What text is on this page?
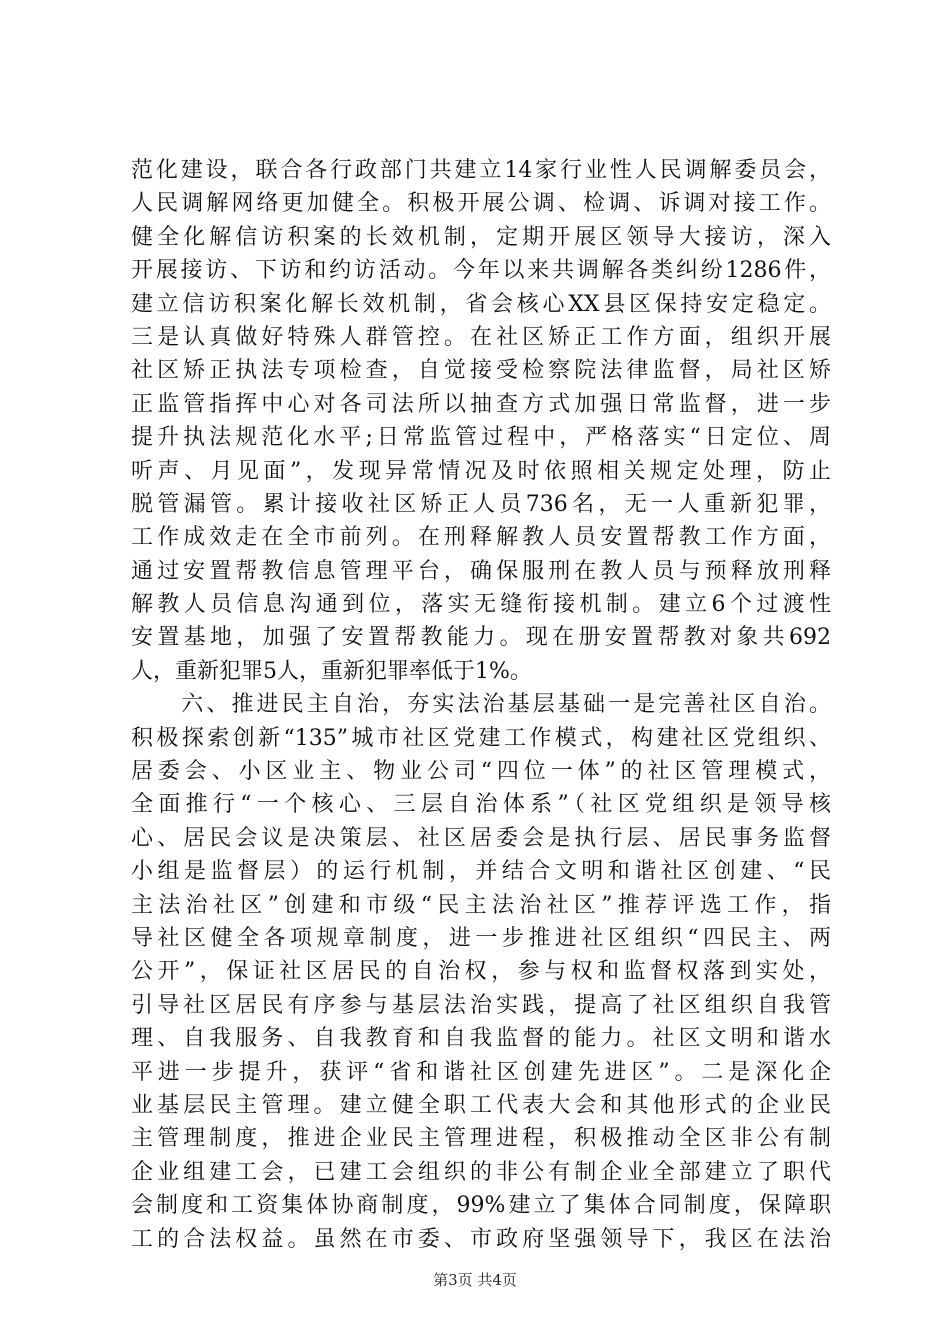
范化建设，联合各行政部门共建立14家行业性人民调解委员会，
人民调解网络更加健全。积极开展公调、检调、诉调对接工作。
健全化解信访积案的长效机制，定期开展区领导大接访，深入
开展接访、下访和约访活动。今年以来共调解各类纠纷1286件，
建立信访积案化解长效机制，省会核心XX县区保持安定稳定。
三是认真做好特殊人群管控。在社区矫正工作方面，组织开展
社区矫正执法专项检查，自觉接受检察院法律监督，局社区矫
正监管指挥中心对各司法所以抽查方式加强日常监督，进一步
提升执法规范化水平;日常监管过程中，严格落实“日定位、周
听声、月见面”，发现异常情况及时依照相关规定处理，防止
脱管漏管。累计接收社区矫正人员736名，无一人重新犯罪，
工作成效走在全市前列。在刑释解教人员安置帮教工作方面，
通过安置帮教信息管理平台，确保服刑在教人员与预释放刑释
解教人员信息沟通到位，落实无缝衔接机制。建立6个过渡性
安置基地，加强了安置帮教能力。现在册安置帮教对象共692
人，重新犯罪5人，重新犯罪率低于1%。
　　六、推进民主自治，夯实法治基层基础一是完善社区自治。
积极探索创新“135”城市社区党建工作模式，构建社区党组织、
居委会、小区业主、物业公司“四位一体”的社区管理模式，
全面推行“一个核心、三层自治体系”（社区党组织是领导核
心、居民会议是决策层、社区居委会是执行层、居民事务监督
小组是监督层）的运行机制，并结合文明和谐社区创建、“民
主法治社区”创建和市级“民主法治社区”推荐评选工作，指
导社区健全各项规章制度，进一步推进社区组织“四民主、两
公开”，保证社区居民的自治权，参与权和监督权落到实处，
引导社区居民有序参与基层法治实践，提高了社区组织自我管
理、自我服务、自我教育和自我监督的能力。社区文明和谐水
平进一步提升，获评“省和谐社区创建先进区”。二是深化企
业基层民主管理。建立健全职工代表大会和其他形式的企业民
主管理制度，推进企业民主管理进程，积极推动全区非公有制
企业组建工会，已建工会组织的非公有制企业全部建立了职代
会制度和工资集体协商制度，99%建立了集体合同制度，保障职
工的合法权益。虽然在市委、市政府坚强领导下，我区在法治
第3页 共4页
